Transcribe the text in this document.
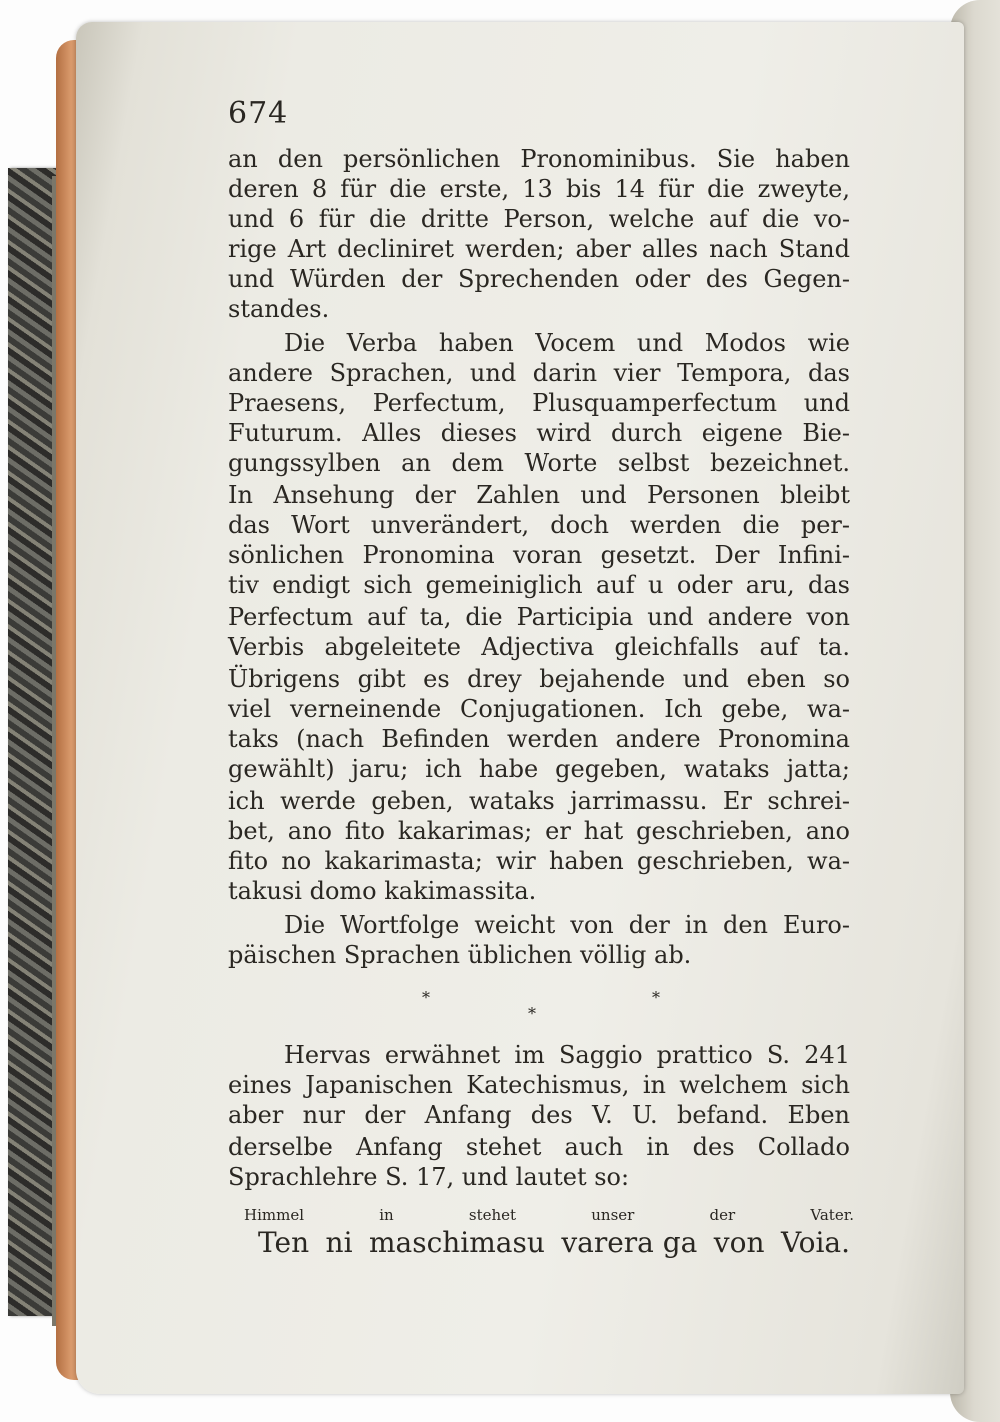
674
an den persönlichen Pronominibus. Sie haben
deren 8 für die erste, 13 bis 14 für die zweyte,
und 6 für die dritte Person, welche auf die vo-
rige Art decliniret werden; aber alles nach Stand
und Würden der Sprechenden oder des Gegen-
standes.
Die Verba haben Vocem und Modos wie
andere Sprachen, und darin vier Tempora, das
Praesens, Perfectum, Plusquamperfectum und
Futurum. Alles dieses wird durch eigene Bie-
gungssylben an dem Worte selbst bezeichnet.
In Ansehung der Zahlen und Personen bleibt
das Wort unverändert, doch werden die per-
sönlichen Pronomina voran gesetzt. Der Infini-
tiv endigt sich gemeiniglich auf u oder aru, das
Perfectum auf ta, die Participia und andere von
Verbis abgeleitete Adjectiva gleichfalls auf ta.
Übrigens gibt es drey bejahende und eben so
viel verneinende Conjugationen. Ich gebe, wa-
taks (nach Befinden werden andere Pronomina
gewählt) jaru; ich habe gegeben, wataks jatta;
ich werde geben, wataks jarrimassu. Er schrei-
bet, ano fito kakarimas; er hat geschrieben, ano
fito no kakarimasta; wir haben geschrieben, wa-
takusi domo kakimassita.
Die Wortfolge weicht von der in den Euro-
päischen Sprachen üblichen völlig ab.
*	*
*
Hervas erwähnet im Saggio prattico S. 241
eines Japanischen Katechismus, in welchem sich
aber nur der Anfang des V. U. befand. Eben
derselbe Anfang stehet auch in des Collado
Sprachlehre S. 17, und lautet so:
Himmel	in	stehet	unser	der	Vater.
Ten ni maschimasu varera ga von Voia.
